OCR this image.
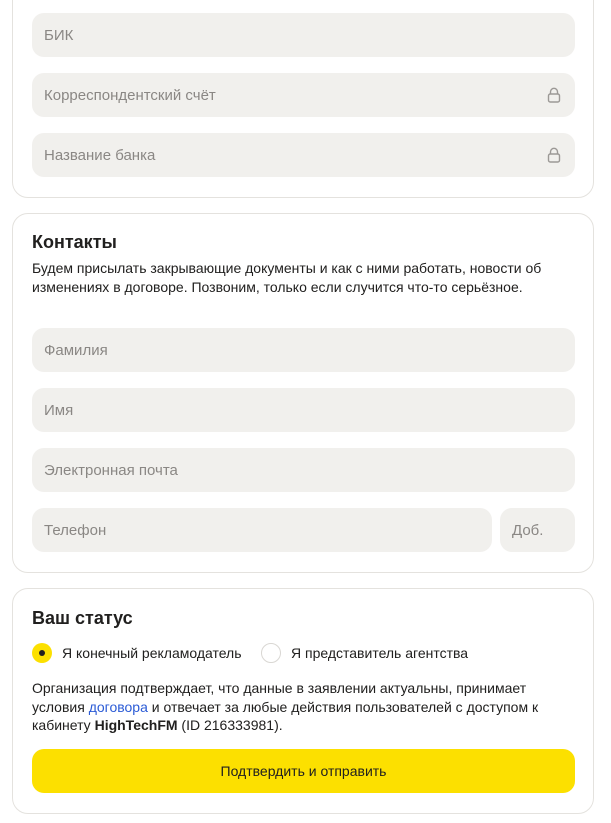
БИК
Корреспондентский счёт
Название банка
Контакты

Будем присылать закрывающие документы и как с ними работать, новости об изменениях в договоре. Позвоним, только если случится что-то серьёзное.

Фамилия
Имя
Электронная почта
Телефон
Доб.
Ваш статус
Я конечный рекламодатель	Я представитель агентства

Организация подтверждает, что данные в заявлении актуальны, принимает условия договора и отвечает за любые действия пользователей с доступом к кабинету HighTechFM (ID 216333981).

Подтвердить и отправить
